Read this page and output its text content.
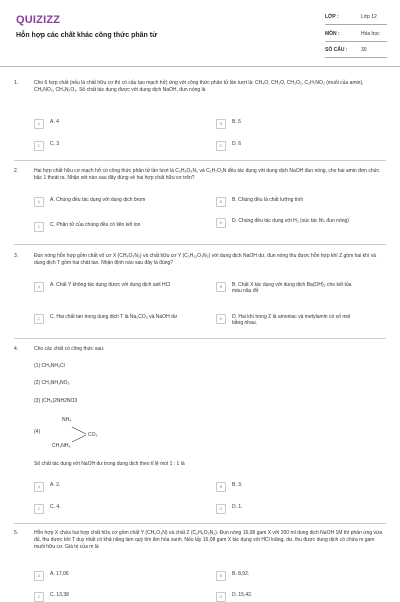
QUIZIZZ
Hỗn hợp các chất khác công thức phân tử
LỚP :	Lớp 12
MÔN :	Hóa học
SỐ CÂU :	30
1.	Cho 6 hợp chất (nếu là chất hữu cơ thì có cấu tạo mạch hở) ứng với công thức phân tử lần lượt là: CH₄O, CH₂O, CH₂O₂, C₂H₇NO₂ (muối của amin), CH₅NO₃, CH₄N₂O₃. Số chất tác dụng được với dung dịch NaOH, đun nóng là
A	A. 4	B	B. 5
C	C. 3	D	D. 6
2.	Hai hợp chất hữu cơ mạch hở có công thức phân tử lần lượt là C₂H₈O₃N₂ và C₂H₇O₂N đều tác dụng với dung dịch NaOH đun nóng, cho hai amin đơn chức bậc 1 thoát ra. Nhận xét nào sau đây đúng về hai hợp chất hữu cơ trên?
A	A. Chúng đều tác dụng với dung dịch brom	B	B. Chúng đều là chất lưỡng tính
C	C. Phân tử của chúng đều có liên kết ion	D	D. Chúng đều tác dụng với H₂ (xúc tác Ni, đun nóng)
3.	Đun nóng hỗn hợp gồm chất vô cơ X (CH₆O₃N₂) và chất hữu cơ Y (C₂H₁₀O₃N₂) với dung dịch NaOH dư, đun nóng thu được hỗn hợp khí Z gồm hai khí và dung dịch T gồm hai chất tan. Nhận định nào sau đây là đúng?
A	A. Chất Y không tác dụng được với dung dịch axit HCl	B	B. Chất X tác dụng với dung dịch Ba(OH)₂ cho kết tủa màu nâu đỏ
C	C. Hai chất tan trong dung dịch T là Na₂CO₃ và NaOH dư	D	D. Hai khí trong Z là amoniac và metylamin có số mol bằng nhau.
4.	Cho các chất có công thức sau:
(1) CH₃NH₃Cl
(2) CH₃NH₃NO₃
(3) (CH₃)2NH2NO3
(4)
NH₄
CO₃
CH₃NH₃
Số chất tác dụng với NaOH dư trong dung dịch theo tỉ lệ mol 1 : 1 là
A	A. 2.	B	B. 3.
C	C. 4.	D	D. 1.
5.	Hỗn hợp X chứa hai hợp chất hữu cơ gồm chất Y (CH₆O₃N) và chất Z (C₂H₆O₃N₂). Đun nóng 16,08 gam X với 200 ml dung dịch NaOH 1M thì phản ứng vừa đủ, thu được khí T duy nhất có khả năng làm quỳ tím ẩm hóa xanh. Nếu lấy 16,08 gam X tác dụng với HCl loãng, dư, thu được dung dịch có chứa m gam muối hữu cơ. Giá trị của m là
A	A. 17,06	B	B. 8,92.
C	C. 13,38	D	D. 15,42.
